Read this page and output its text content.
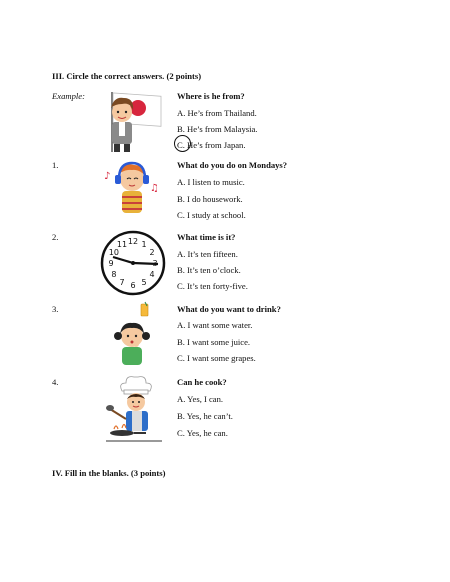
III. Circle the correct answers. (2 points)
Example:	Where is he from?
A. He’s from Thailand.
B. He’s from Malaysia.
C. He’s from Japan.
1.	What do you do on Mondays?
A. I listen to music.
B. I do housework.
C. I study at school.
♪
♫
2.	What time is it?
A. It’s ten fifteen.
B. It’s ten o’clock.
C. It’s ten forty-five.
12 1
2
4
5
6
7
8
9
10
11
3.	What do you want to drink?
A. I want some water.
B. I want some juice.
C. I want some grapes.
4.	Can he cook?
A. Yes, I can.
B. Yes, he can’t.
C. Yes, he can.
IV. Fill in the blanks. (3 points)
